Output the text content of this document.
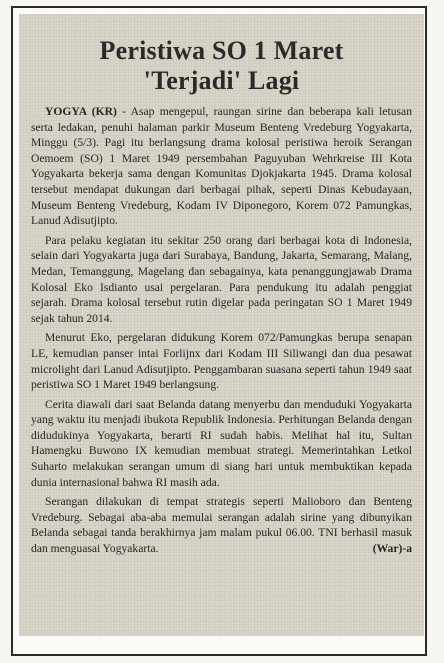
Peristiwa SO 1 Maret
'Terjadi' Lagi

YOGYA (KR) - Asap mengepul, raungan sirine dan beberapa kali letusan serta ledakan, penuhi halaman parkir Museum Benteng Vredeburg Yogyakarta, Minggu (5/3). Pagi itu berlangsung drama kolosal peristiwa heroik Serangan Oemoem (SO) 1 Maret 1949 persembahan Paguyuban Wehrkreise III Kota Yogyakarta bekerja sama dengan Komunitas Djokjakarta 1945. Drama kolosal tersebut mendapat dukungan dari berbagai pihak, seperti Dinas Kebudayaan, Museum Benteng Vredeburg, Kodam IV Diponegoro, Korem 072 Pamungkas, Lanud Adisutjipto.

Para pelaku kegiatan itu sekitar 250 orang dari berbagai kota di Indonesia, selain dari Yogyakarta juga dari Surabaya, Bandung, Jakarta, Semarang, Malang, Medan, Temanggung, Magelang dan sebagainya, kata penanggungjawab Drama Kolosal Eko Isdianto usai pergelaran. Para pendukung itu adalah penggiat sejarah. Drama kolosal tersebut rutin digelar pada peringatan SO 1 Maret 1949 sejak tahun 2014.

Menurut Eko, pergelaran didukung Korem 072/Pamungkas berupa senapan LE, kemudian panser intai Forlijnx dari Kodam III Siliwangi dan dua pesawat microlight dari Lanud Adisutjipto. Penggambaran suasana seperti tahun 1949 saat peristiwa SO 1 Maret 1949 berlangsung.

Cerita diawali dari saat Belanda datang menyerbu dan menduduki Yogyakarta yang waktu itu menjadi ibukota Republik Indonesia. Perhitungan Belanda dengan didudukinya Yogyakarta, berarti RI sudah habis. Melihat hal itu, Sultan Hamengku Buwono IX kemudian membuat strategi. Memerintahkan Letkol Suharto melakukan serangan umum di siang hari untuk membuktikan kepada dunia internasional bahwa RI masih ada.

Serangan dilakukan di tempat strategis seperti Malioboro dan Benteng Vredeburg. Sebagai aba-aba memulai serangan adalah sirine yang dibunyikan Belanda sebagai tanda berakhirnya jam malam pukul 06.00. TNI berhasil masuk dan menguasai Yogyakarta.	(War)-a
